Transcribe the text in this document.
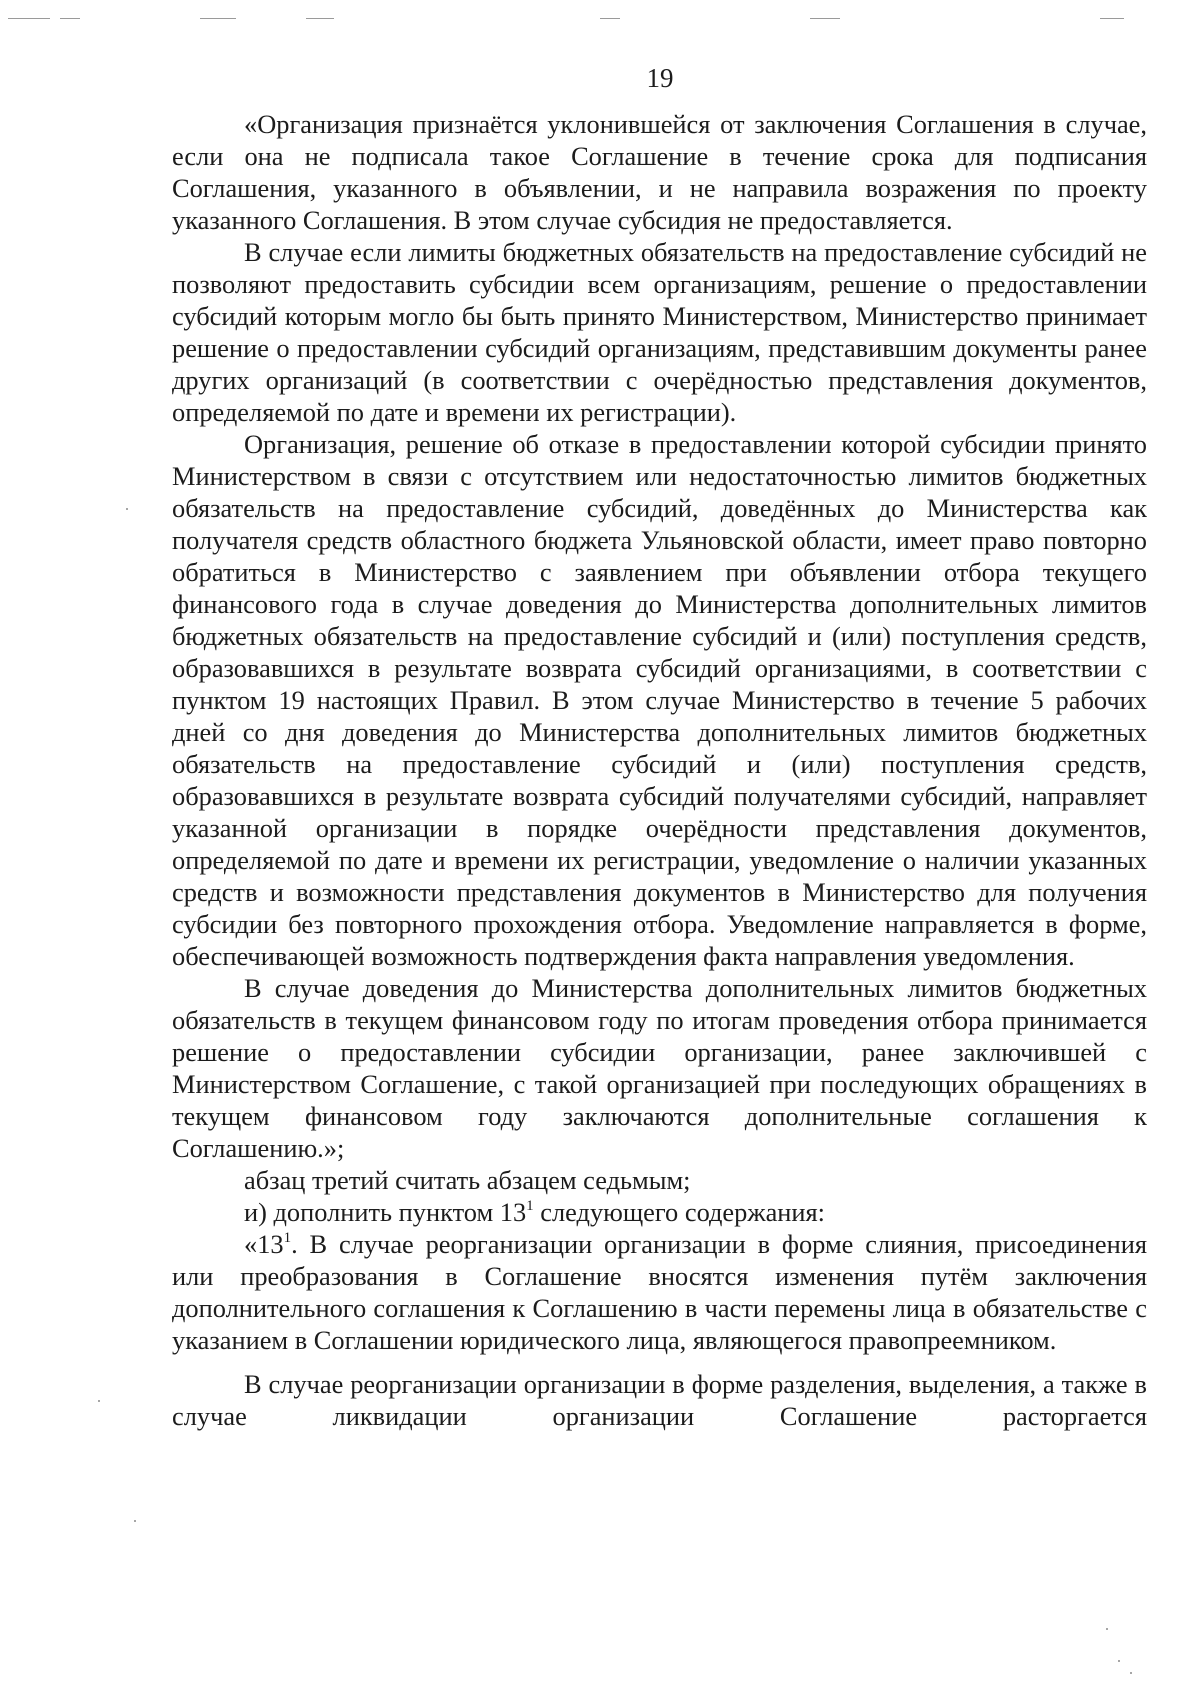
19

«Организация признаётся уклонившейся от заключения Соглашения в случае, если она не подписала такое Соглашение в течение срока для подписания Соглашения, указанного в объявлении, и не направила возражения по проекту указанного Соглашения. В этом случае субсидия не предоставляется.

В случае если лимиты бюджетных обязательств на предоставление субсидий не позволяют предоставить субсидии всем организациям, решение о предоставлении субсидий которым могло бы быть принято Министерством, Министерство принимает решение о предоставлении субсидий организациям, представившим документы ранее других организаций (в соответствии с очерёдностью представления документов, определяемой по дате и времени их регистрации).

Организация, решение об отказе в предоставлении которой субсидии принято Министерством в связи с отсутствием или недостаточностью лимитов бюджетных обязательств на предоставление субсидий, доведённых до Министерства как получателя средств областного бюджета Ульяновской области, имеет право повторно обратиться в Министерство с заявлением при объявлении отбора текущего финансового года в случае доведения до Министерства дополнительных лимитов бюджетных обязательств на предоставление субсидий и (или) поступления средств, образовавшихся в результате возврата субсидий организациями, в соответствии с пунктом 19 настоящих Правил. В этом случае Министерство в течение 5 рабочих дней со дня доведения до Министерства дополнительных лимитов бюджетных обязательств на предоставление субсидий и (или) поступления средств, образовавшихся в результате возврата субсидий получателями субсидий, направляет указанной организации в порядке очерёдности представления документов, определяемой по дате и времени их регистрации, уведомление о наличии указанных средств и возможности представления документов в Министерство для получения субсидии без повторного прохождения отбора. Уведомление направляется в форме, обеспечивающей возможность подтверждения факта направления уведомления.

В случае доведения до Министерства дополнительных лимитов бюджетных обязательств в текущем финансовом году по итогам проведения отбора принимается решение о предоставлении субсидии организации, ранее заключившей с Министерством Соглашение, с такой организацией при последующих обращениях в текущем финансовом году заключаются дополнительные соглашения к Соглашению.»;

абзац третий считать абзацем седьмым;

и) дополнить пунктом $13^1$ следующего содержания:

«$13^1$. В случае реорганизации организации в форме слияния, присоединения или преобразования в Соглашение вносятся изменения путём заключения дополнительного соглашения к Соглашению в части перемены лица в обязательстве с указанием в Соглашении юридического лица, являющегося правопреемником.

В случае реорганизации организации в форме разделения, выделения, а также в случае ликвидации организации Соглашение расторгается
